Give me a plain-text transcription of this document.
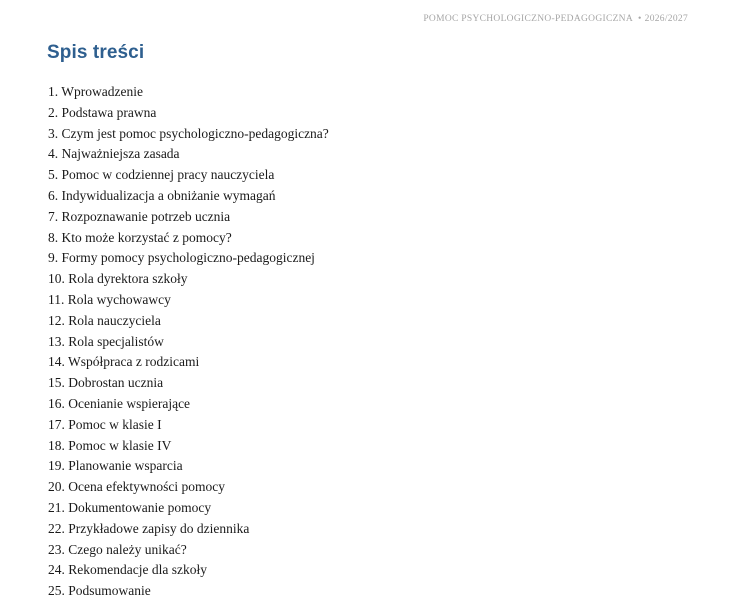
POMOC PSYCHOLOGICZNO-PEDAGOGICZNA • 2026/2027
Spis treści
1. Wprowadzenie
2. Podstawa prawna
3. Czym jest pomoc psychologiczno-pedagogiczna?
4. Najważniejsza zasada
5. Pomoc w codziennej pracy nauczyciela
6. Indywidualizacja a obniżanie wymagań
7. Rozpoznawanie potrzeb ucznia
8. Kto może korzystać z pomocy?
9. Formy pomocy psychologiczno-pedagogicznej
10. Rola dyrektora szkoły
11. Rola wychowawcy
12. Rola nauczyciela
13. Rola specjalistów
14. Współpraca z rodzicami
15. Dobrostan ucznia
16. Ocenianie wspierające
17. Pomoc w klasie I
18. Pomoc w klasie IV
19. Planowanie wsparcia
20. Ocena efektywności pomocy
21. Dokumentowanie pomocy
22. Przykładowe zapisy do dziennika
23. Czego należy unikać?
24. Rekomendacje dla szkoły
25. Podsumowanie
